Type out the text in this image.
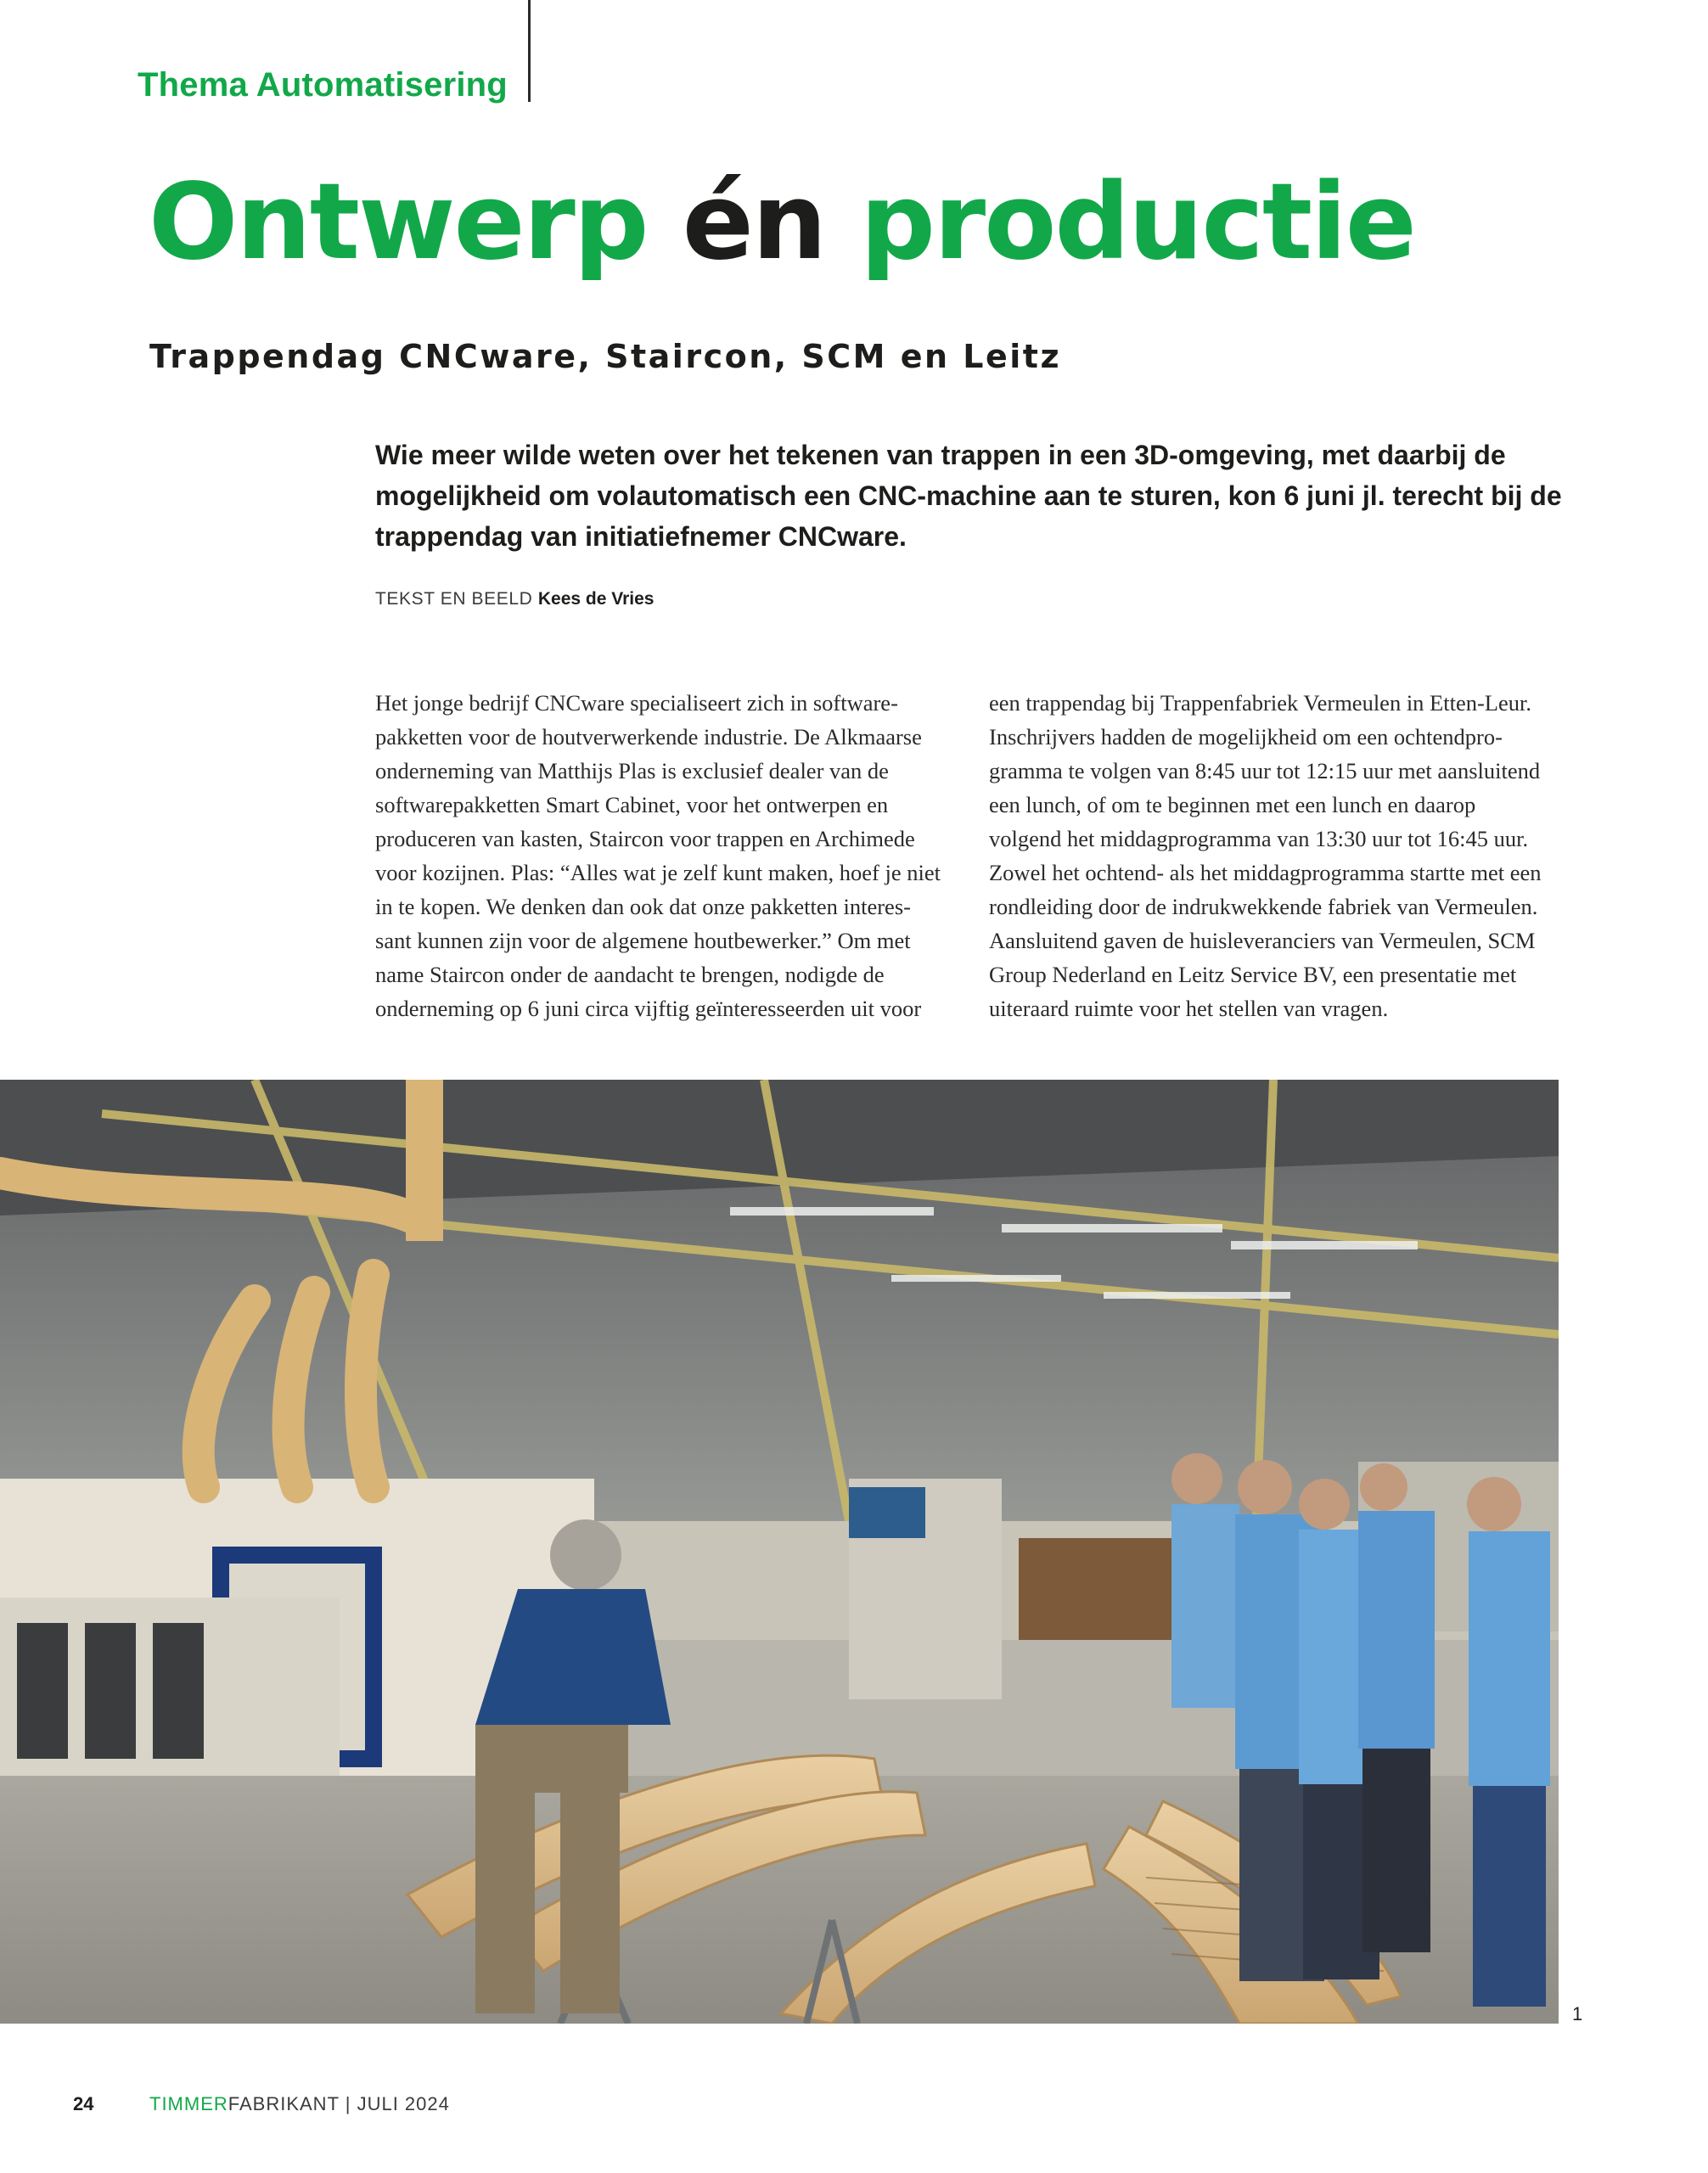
Thema Automatisering

Ontwerp én productie
Trappendag CNCware, Staircon, SCM en Leitz

Wie meer wilde weten over het tekenen van trappen in een 3D-omgeving, met daarbij de mogelijkheid om volautomatisch een CNC-machine aan te sturen, kon 6 juni jl. terecht bij de trappendag van initiatiefnemer CNCware.

TEKST EN BEELD Kees de Vries

Het jonge bedrijf CNCware specialiseert zich in software-
pakketten voor de houtverwerkende industrie. De Alkmaarse
onderneming van Matthijs Plas is exclusief dealer van de
softwarepakketten Smart Cabinet, voor het ontwerpen en
produceren van kasten, Staircon voor trappen en Archimede
voor kozijnen. Plas: “Alles wat je zelf kunt maken, hoef je niet
in te kopen. We denken dan ook dat onze pakketten interes-
sant kunnen zijn voor de algemene houtbewerker.” Om met
name Staircon onder de aandacht te brengen, nodigde de
onderneming op 6 juni circa vijftig geïnteresseerden uit voor
een trappendag bij Trappenfabriek Vermeulen in Etten-Leur.
Inschrijvers hadden de mogelijkheid om een ochtendpro-
gramma te volgen van 8:45 uur tot 12:15 uur met aansluitend
een lunch, of om te beginnen met een lunch en daarop
volgend het middagprogramma van 13:30 uur tot 16:45 uur.
Zowel het ochtend- als het middagprogramma startte met een
rondleiding door de indrukwekkende fabriek van Vermeulen.
Aansluitend gaven de huisleveranciers van Vermeulen, SCM
Group Nederland en Leitz Service BV, een presentatie met
uiteraard ruimte voor het stellen van vragen.

1

24	TIMMERFABRIKANT | JULI 2024
